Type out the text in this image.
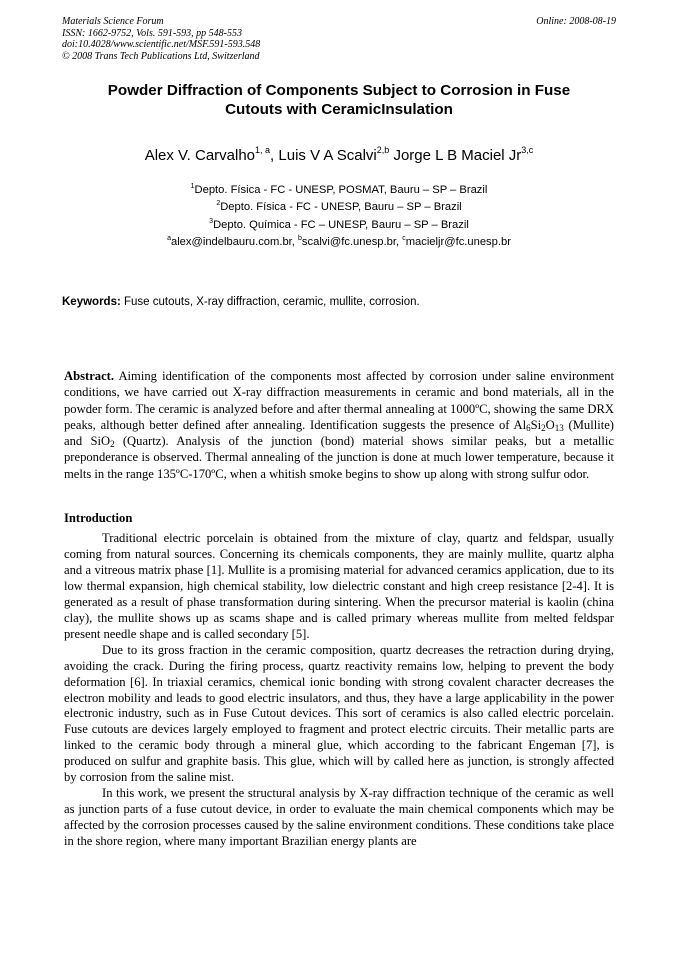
Materials Science Forum
ISSN: 1662-9752, Vols. 591-593, pp 548-553
doi:10.4028/www.scientific.net/MSF.591-593.548
© 2008 Trans Tech Publications Ltd, Switzerland
Online: 2008-08-19
Powder Diffraction of Components Subject to Corrosion in Fuse
Cutouts with CeramicInsulation
Alex V. Carvalho$^{1, a}$, Luis V A Scalvi$^{2,b}$ Jorge L B Maciel Jr$^{3,c}$
$^1$Depto. Física - FC - UNESP, POSMAT, Bauru – SP – Brazil
$^2$Depto. Física - FC - UNESP, Bauru – SP – Brazil
$^3$Depto. Química - FC – UNESP, Bauru – SP – Brazil
$^a$alex@indelbauru.com.br, $^b$scalvi@fc.unesp.br, $^c$macieljr@fc.unesp.br
Keywords: Fuse cutouts, X-ray diffraction, ceramic, mullite, corrosion.
Abstract. Aiming identification of the components most affected by corrosion under saline environment conditions, we have carried out X-ray diffraction measurements in ceramic and bond materials, all in the powder form. The ceramic is analyzed before and after thermal annealing at 1000ºC, showing the same DRX peaks, although better defined after annealing. Identification suggests the presence of $Al_6Si_2O_{13}$ (Mullite) and SiO$_2$ (Quartz). Analysis of the junction (bond) material shows similar peaks, but a metallic preponderance is observed. Thermal annealing of the junction is done at much lower temperature, because it melts in the range 135ºC-170ºC, when a whitish smoke begins to show up along with strong sulfur odor.
Introduction

Traditional electric porcelain is obtained from the mixture of clay, quartz and feldspar, usually coming from natural sources. Concerning its chemicals components, they are mainly mullite, quartz alpha and a vitreous matrix phase [1]. Mullite is a promising material for advanced ceramics application, due to its low thermal expansion, high chemical stability, low dielectric constant and high creep resistance [2-4]. It is generated as a result of phase transformation during sintering. When the precursor material is kaolin (china clay), the mullite shows up as scams shape and is called primary whereas mullite from melted feldspar present needle shape and is called secondary [5].

Due to its gross fraction in the ceramic composition, quartz decreases the retraction during drying, avoiding the crack. During the firing process, quartz reactivity remains low, helping to prevent the body deformation [6]. In triaxial ceramics, chemical ionic bonding with strong covalent character decreases the electron mobility and leads to good electric insulators, and thus, they have a large applicability in the power electronic industry, such as in Fuse Cutout devices. This sort of ceramics is also called electric porcelain. Fuse cutouts are devices largely employed to fragment and protect electric circuits. Their metallic parts are linked to the ceramic body through a mineral glue, which according to the fabricant Engeman [7], is produced on sulfur and graphite basis. This glue, which will by called here as junction, is strongly affected by corrosion from the saline mist.

In this work, we present the structural analysis by X-ray diffraction technique of the ceramic as well as junction parts of a fuse cutout device, in order to evaluate the main chemical components which may be affected by the corrosion processes caused by the saline environment conditions. These conditions take place in the shore region, where many important Brazilian energy plants are
